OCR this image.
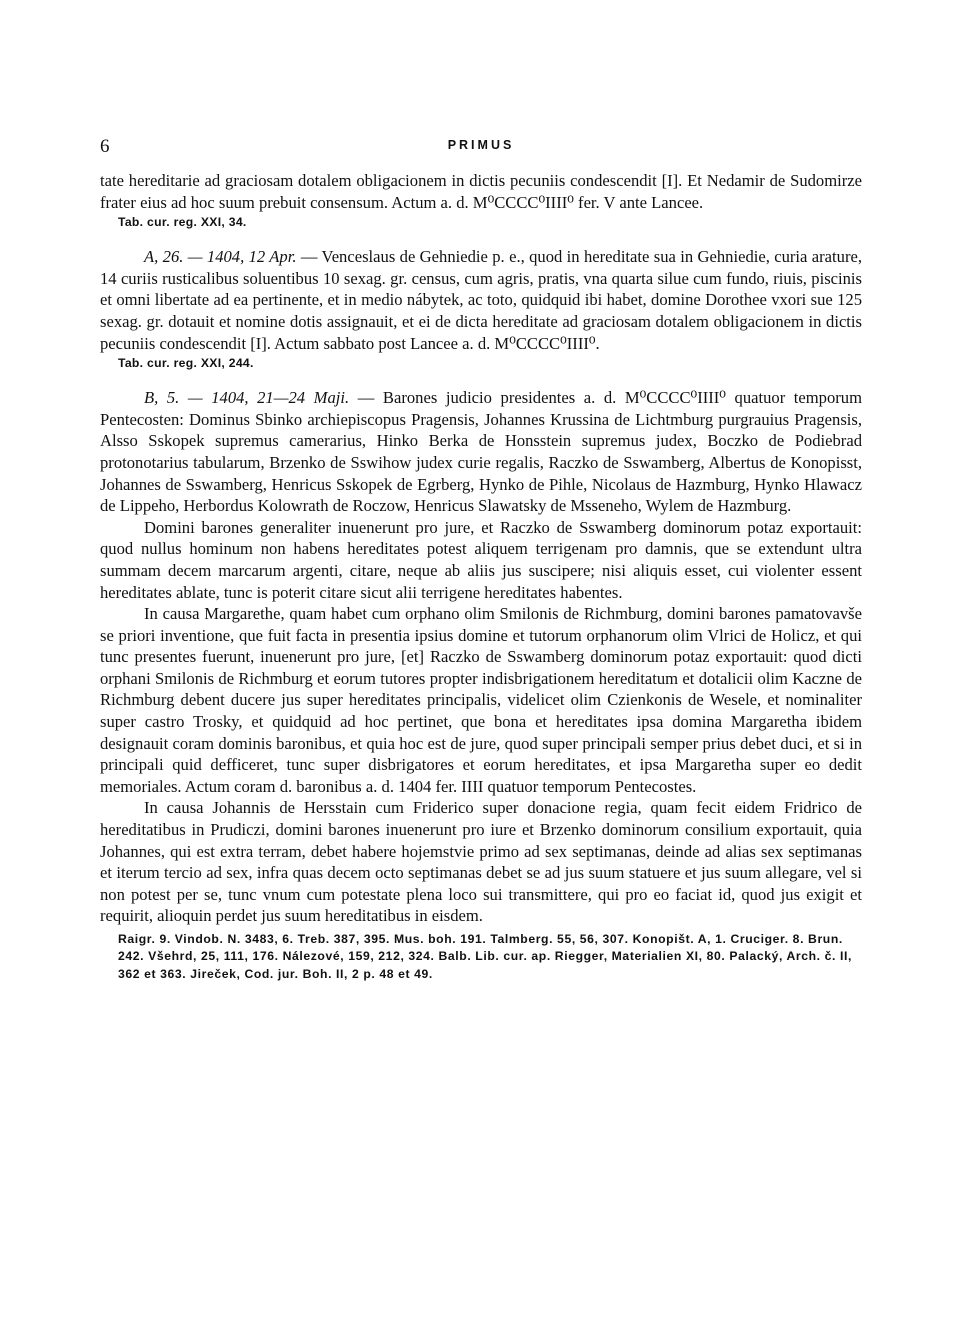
6	PRIMUS

tate hereditarie ad graciosam dotalem obligacionem in dictis pecuniis condescendit [I]. Et Nedamir de Sudomirze frater eius ad hoc suum prebuit consensum. Actum a. d. M⁰CCCC⁰IIII⁰ fer. V ante Lancee.

Tab. cur. reg. XXI, 34.

A, 26. — 1404, 12 Apr. — Venceslaus de Gehniedie p. e., quod in hereditate sua in Gehniedie, curia arature, 14 curiis rusticalibus soluentibus 10 sexag. gr. census, cum agris, pratis, vna quarta silue cum fundo, riuis, piscinis et omni libertate ad ea pertinente, et in medio nábytek, ac toto, quidquid ibi habet, domine Dorothee vxori sue 125 sexag. gr. dotauit et nomine dotis assignauit, et ei de dicta hereditate ad graciosam dotalem obligacionem in dictis pecuniis condescendit [I]. Actum sabbato post Lancee a. d. M⁰CCCC⁰IIII⁰.

Tab. cur. reg. XXI, 244.

B, 5. — 1404, 21—24 Maji. — Barones judicio presidentes a. d. M⁰CCCC⁰IIII⁰ quatuor temporum Pentecosten: Dominus Sbinko archiepiscopus Pragensis, Johannes Krussina de Lichtmburg purgrauius Pragensis, Alsso Sskopek supremus camerarius, Hinko Berka de Honsstein supremus judex, Boczko de Podiebrad protonotarius tabularum, Brzenko de Sswihow judex curie regalis, Raczko de Sswamberg, Albertus de Konopisst, Johannes de Sswamberg, Henricus Sskopek de Egrberg, Hynko de Pihle, Nicolaus de Hazmburg, Hynko Hlawacz de Lippeho, Herbordus Kolowrath de Roczow, Henricus Slawatsky de Msseneho, Wylem de Hazmburg.

Domini barones generaliter inuenerunt pro jure, et Raczko de Sswamberg dominorum potaz exportauit: quod nullus hominum non habens hereditates potest aliquem terrigenam pro damnis, que se extendunt ultra summam decem marcarum argenti, citare, neque ab aliis jus suscipere; nisi aliquis esset, cui violenter essent hereditates ablate, tunc is poterit citare sicut alii terrigene hereditates habentes.

In causa Margarethe, quam habet cum orphano olim Smilonis de Richmburg, domini barones pamatovavše se priori inventione, que fuit facta in presentia ipsius domine et tutorum orphanorum olim Vlrici de Holicz, et qui tunc presentes fuerunt, inuenerunt pro jure, [et] Raczko de Sswamberg dominorum potaz exportauit: quod dicti orphani Smilonis de Richmburg et eorum tutores propter indisbrigationem hereditatum et dotalicii olim Kaczne de Richmburg debent ducere jus super hereditates principalis, videlicet olim Czienkonis de Wesele, et nominaliter super castro Trosky, et quidquid ad hoc pertinet, que bona et hereditates ipsa domina Margaretha ibidem designauit coram dominis baronibus, et quia hoc est de jure, quod super principali semper prius debet duci, et si in principali quid defficeret, tunc super disbrigatores et eorum hereditates, et ipsa Margaretha super eo dedit memoriales. Actum coram d. baronibus a. d. 1404 fer. IIII quatuor temporum Pentecostes.

In causa Johannis de Hersstain cum Friderico super donacione regia, quam fecit eidem Fridrico de hereditatibus in Prudiczi, domini barones inuenerunt pro iure et Brzenko dominorum consilium exportauit, quia Johannes, qui est extra terram, debet habere hojemstvie primo ad sex septimanas, deinde ad alias sex septimanas et iterum tercio ad sex, infra quas decem octo septimanas debet se ad jus suum statuere et jus suum allegare, vel si non potest per se, tunc vnum cum potestate plena loco sui transmittere, qui pro eo faciat id, quod jus exigit et requirit, alioquin perdet jus suum hereditatibus in eisdem.

Raigr. 9. Vindob. N. 3483, 6. Treb. 387, 395. Mus. boh. 191. Talmberg. 55, 56, 307. Konopišt. A, 1. Cruciger. 8. Brun. 242. Všehrd, 25, 111, 176. Nálezové, 159, 212, 324. Balb. Lib. cur. ap. Riegger, Materialien XI, 80. Palacký, Arch. č. II, 362 et 363. Jireček, Cod. jur. Boh. II, 2 p. 48 et 49.
